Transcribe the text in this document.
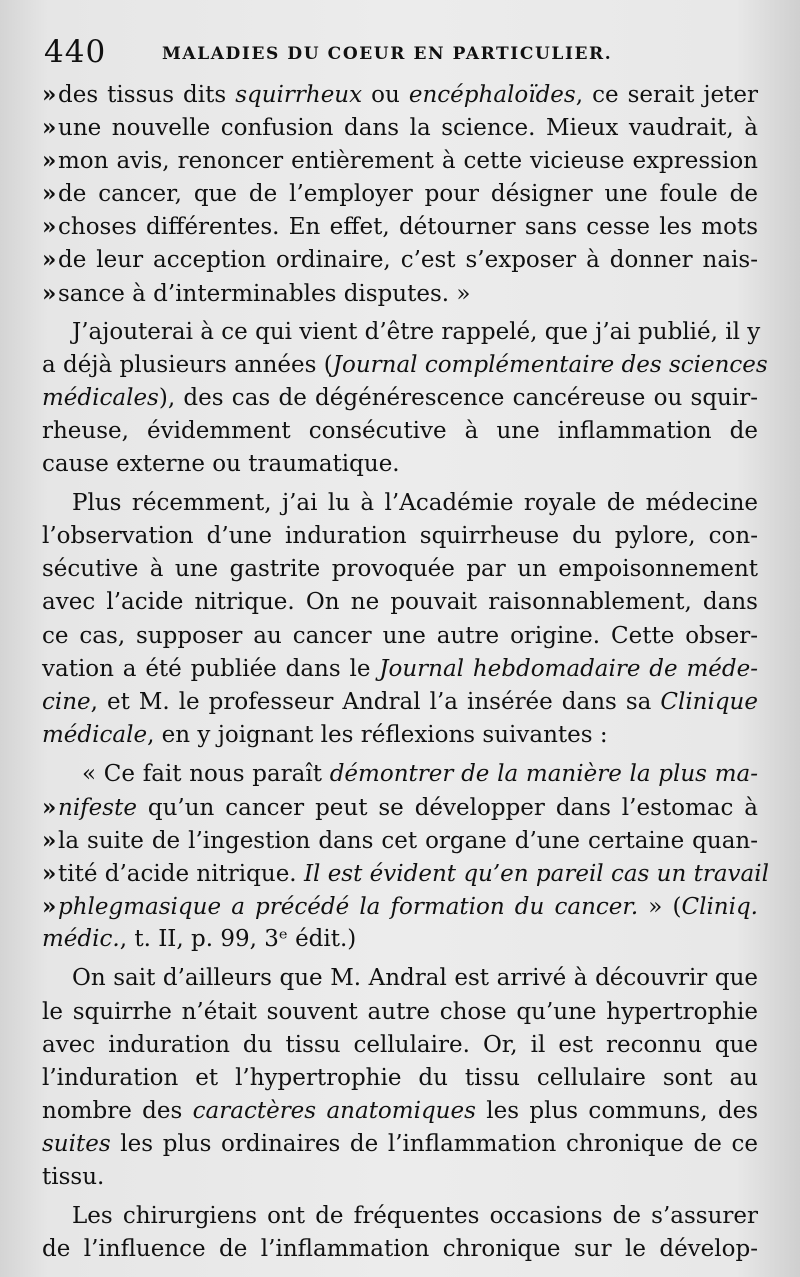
440	MALADIES DU COEUR EN PARTICULIER.
»des tissus dits squirrheux ou encéphaloïdes, ce serait jeter
»une nouvelle confusion dans la science. Mieux vaudrait, à
»mon avis, renoncer entièrement à cette vicieuse expression
»de cancer, que de l’employer pour désigner une foule de
»choses différentes. En effet, détourner sans cesse les mots
»de leur acception ordinaire, c’est s’exposer à donner nais-
»sance à d’interminables disputes. »
J’ajouterai à ce qui vient d’être rappelé, que j’ai publié, il y
a déjà plusieurs années (Journal complémentaire des sciences
médicales), des cas de dégénérescence cancéreuse ou squir-
rheuse, évidemment consécutive à une inflammation de
cause externe ou traumatique.
Plus récemment, j’ai lu à l’Académie royale de médecine
l’observation d’une induration squirrheuse du pylore, con-
sécutive à une gastrite provoquée par un empoisonnement
avec l’acide nitrique. On ne pouvait raisonnablement, dans
ce cas, supposer au cancer une autre origine. Cette obser-
vation a été publiée dans le Journal hebdomadaire de méde-
cine, et M. le professeur Andral l’a insérée dans sa Clinique
médicale, en y joignant les réflexions suivantes :
« Ce fait nous paraît démontrer de la manière la plus ma-
»nifeste qu’un cancer peut se développer dans l’estomac à
»la suite de l’ingestion dans cet organe d’une certaine quan-
»tité d’acide nitrique. Il est évident qu’en pareil cas un travail
»phlegmasique a précédé la formation du cancer. » (Cliniq.
médic., t. II, p. 99, 3ᵉ édit.)
On sait d’ailleurs que M. Andral est arrivé à découvrir que
le squirrhe n’était souvent autre chose qu’une hypertrophie
avec induration du tissu cellulaire. Or, il est reconnu que
l’induration et l’hypertrophie du tissu cellulaire sont au
nombre des caractères anatomiques les plus communs, des
suites les plus ordinaires de l’inflammation chronique de ce
tissu.
Les chirurgiens ont de fréquentes occasions de s’assurer
de l’influence de l’inflammation chronique sur le dévelop-
